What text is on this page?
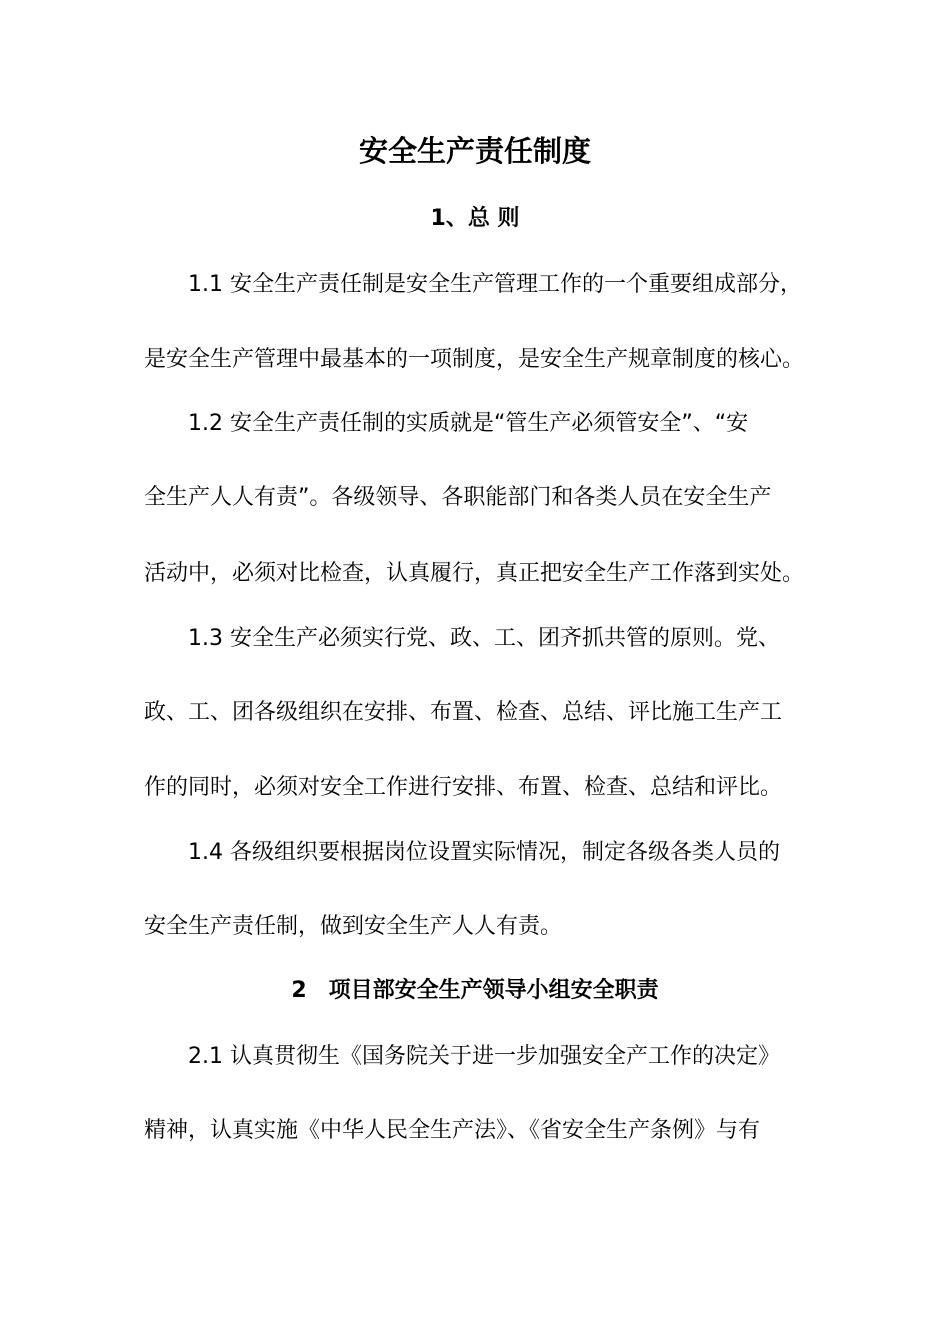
安全生产责任制度
1、总 则
1.1 安全生产责任制是安全生产管理工作的一个重要组成部分，
是安全生产管理中最基本的一项制度，是安全生产规章制度的核心。
1.2 安全生产责任制的实质就是“管生产必须管安全”、“安
全生产人人有责”。各级领导、各职能部门和各类人员在安全生产
活动中，必须对比检查，认真履行，真正把安全生产工作落到实处。
1.3 安全生产必须实行党、政、工、团齐抓共管的原则。党、
政、工、团各级组织在安排、布置、检查、总结、评比施工生产工
作的同时，必须对安全工作进行安排、布置、检查、总结和评比。
1.4 各级组织要根据岗位设置实际情况，制定各级各类人员的
安全生产责任制，做到安全生产人人有责。
2　项目部安全生产领导小组安全职责
2.1 认真贯彻生《国务院关于进一步加强安全产工作的决定》
精神，认真实施《中华人民全生产法》、《省安全生产条例》与有
